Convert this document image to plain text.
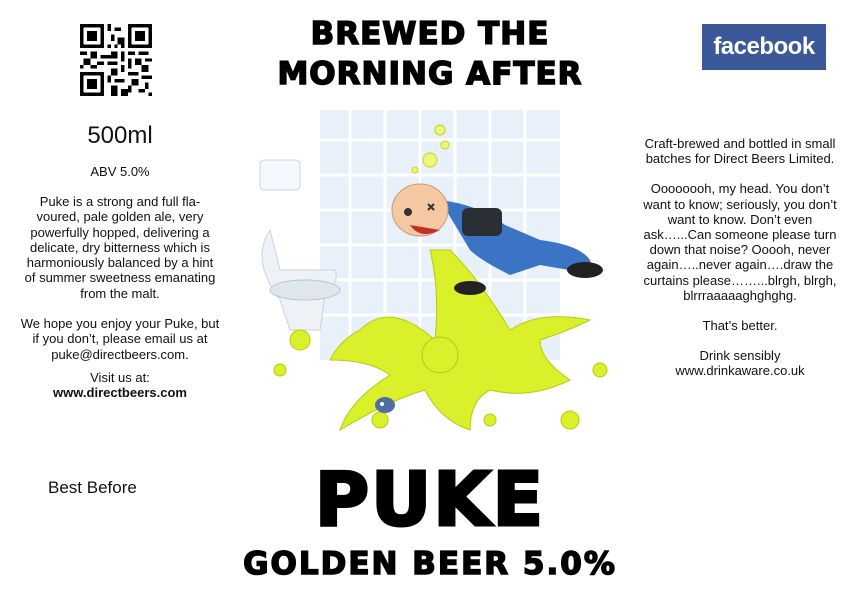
facebook
BREWED THE
MORNING AFTER
500ml
ABV 5.0%

Puke is a strong and full fla-voured, pale golden ale, very powerfully hopped, delivering a delicate, dry bitterness which is harmoniously balanced by a hint of summer sweetness emanating from the malt.

We hope you enjoy your Puke, but if you don’t, please email us at puke@directbeers.com.

Visit us at:
www.directbeers.com
Best Before

Craft-brewed and bottled in small batches for Direct Beers Limited.

Oooooooh, my head. You don’t want to know; seriously, you don’t want to know. Don’t even ask…...Can someone please turn down that noise? Ooooh, never again…..never again….draw the curtains please……...blrgh, blrgh, blrrraaaaaghghghg.

That’s better.

Drink sensibly
www.drinkaware.co.uk

PUKE
GOLDEN BEER 5.0%
